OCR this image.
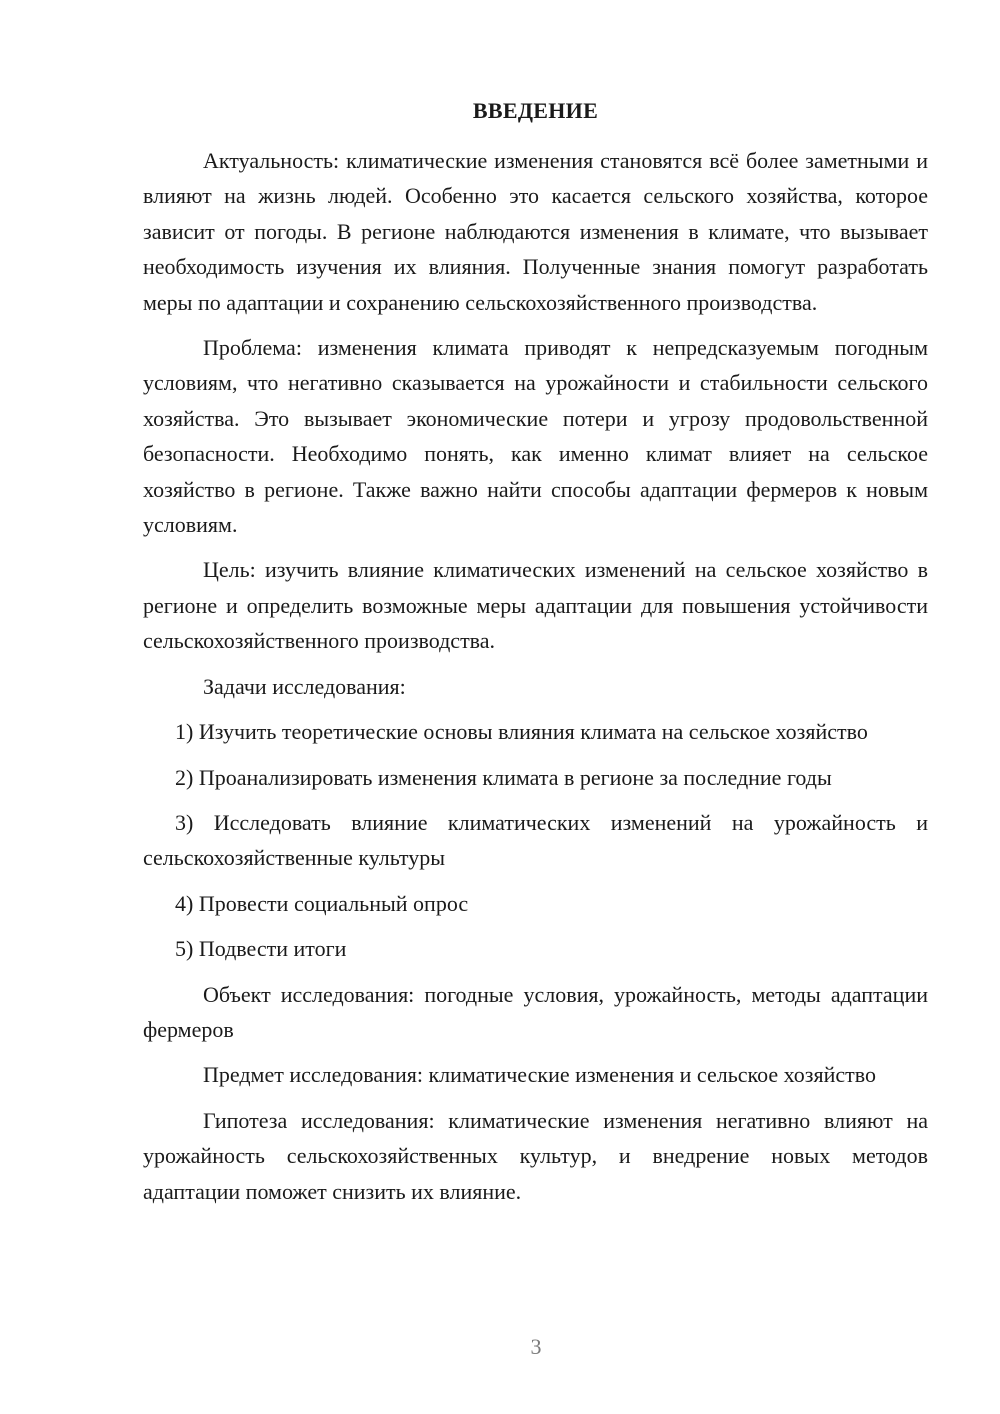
ВВЕДЕНИЕ

Актуальность: климатические изменения становятся всё более заметными и влияют на жизнь людей. Особенно это касается сельского хозяйства, которое зависит от погоды. В регионе наблюдаются изменения в климате, что вызывает необходимость изучения их влияния. Полученные знания помогут разработать меры по адаптации и сохранению сельскохозяйственного производства.

Проблема: изменения климата приводят к непредсказуемым погодным условиям, что негативно сказывается на урожайности и стабильности сельского хозяйства. Это вызывает экономические потери и угрозу продовольственной безопасности. Необходимо понять, как именно климат влияет на сельское хозяйство в регионе. Также важно найти способы адаптации фермеров к новым условиям.

Цель: изучить влияние климатических изменений на сельское хозяйство в регионе и определить возможные меры адаптации для повышения устойчивости сельскохозяйственного производства.

Задачи исследования:

1) Изучить теоретические основы влияния климата на сельское хозяйство

2) Проанализировать изменения климата в регионе за последние годы

3) Исследовать влияние климатических изменений на урожайность и сельскохозяйственные культуры

4) Провести социальный опрос

5) Подвести итоги

Объект исследования: погодные условия, урожайность, методы адаптации фермеров

Предмет исследования: климатические изменения и сельское хозяйство

Гипотеза исследования: климатические изменения негативно влияют на урожайность сельскохозяйственных культур, и внедрение новых методов адаптации поможет снизить их влияние.

3
